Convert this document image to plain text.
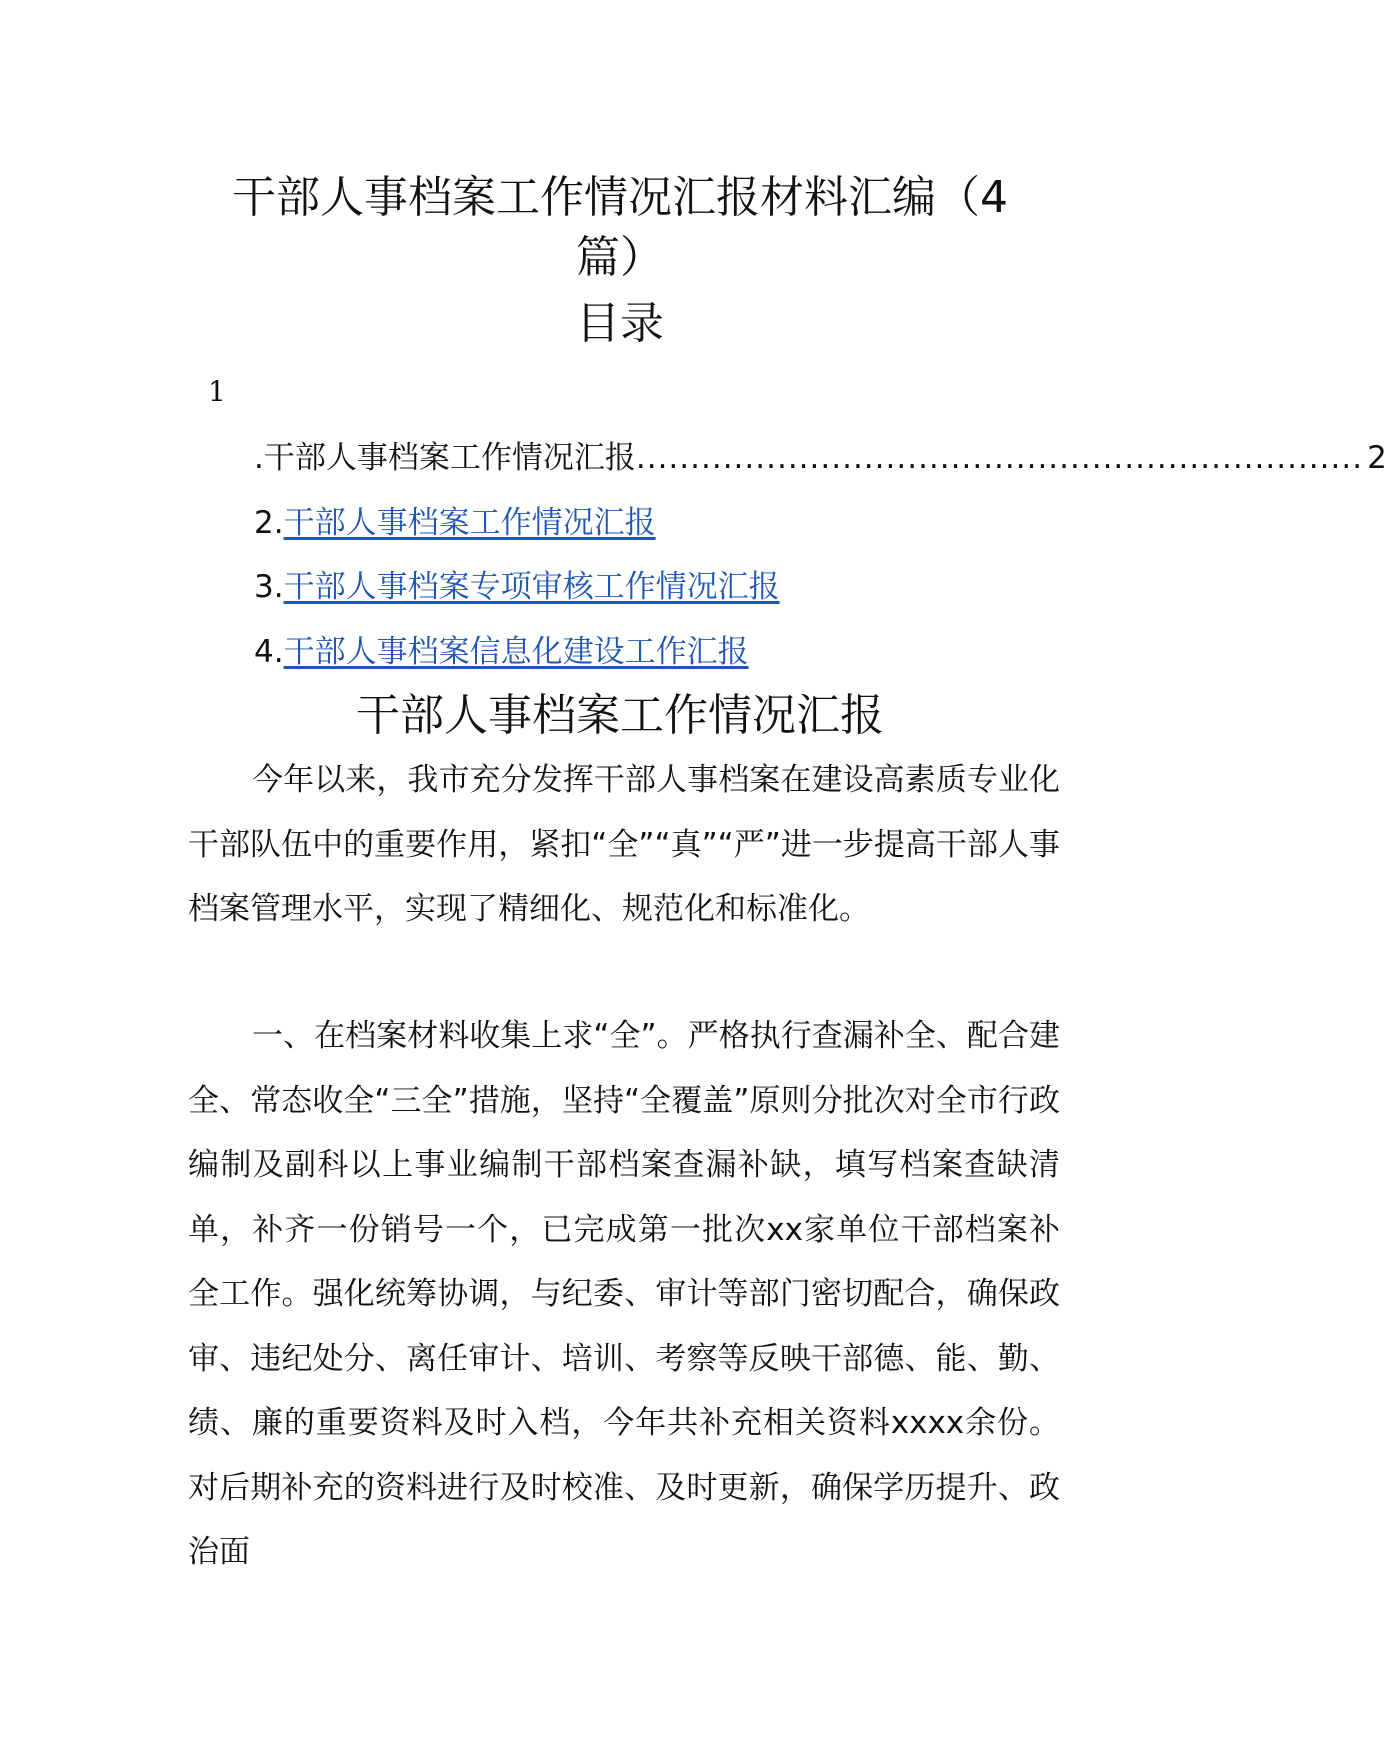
干部人事档案工作情况汇报材料汇编（4
篇）
目录
1
.干部人事档案工作情况汇报 ................................................................... 2
2.干部人事档案工作情况汇报
3.干部人事档案专项审核工作情况汇报
4.干部人事档案信息化建设工作汇报
干部人事档案工作情况汇报

今年以来，我市充分发挥干部人事档案在建设高素质专业化干部队伍中的重要作用，紧扣“全”“真”“严”进一步提高干部人事档案管理水平，实现了精细化、规范化和标准化。

一、在档案材料收集上求“全”。严格执行查漏补全、配合建全、常态收全“三全”措施，坚持“全覆盖”原则分批次对全市行政编制及副科以上事业编制干部档案查漏补缺，填写档案查缺清单，补齐一份销号一个，已完成第一批次xx家单位干部档案补全工作。强化统筹协调，与纪委、审计等部门密切配合，确保政审、违纪处分、离任审计、培训、考察等反映干部德、能、勤、绩、廉的重要资料及时入档，今年共补充相关资料xxxx余份。对后期补充的资料进行及时校准、及时更新，确保学历提升、政治面
